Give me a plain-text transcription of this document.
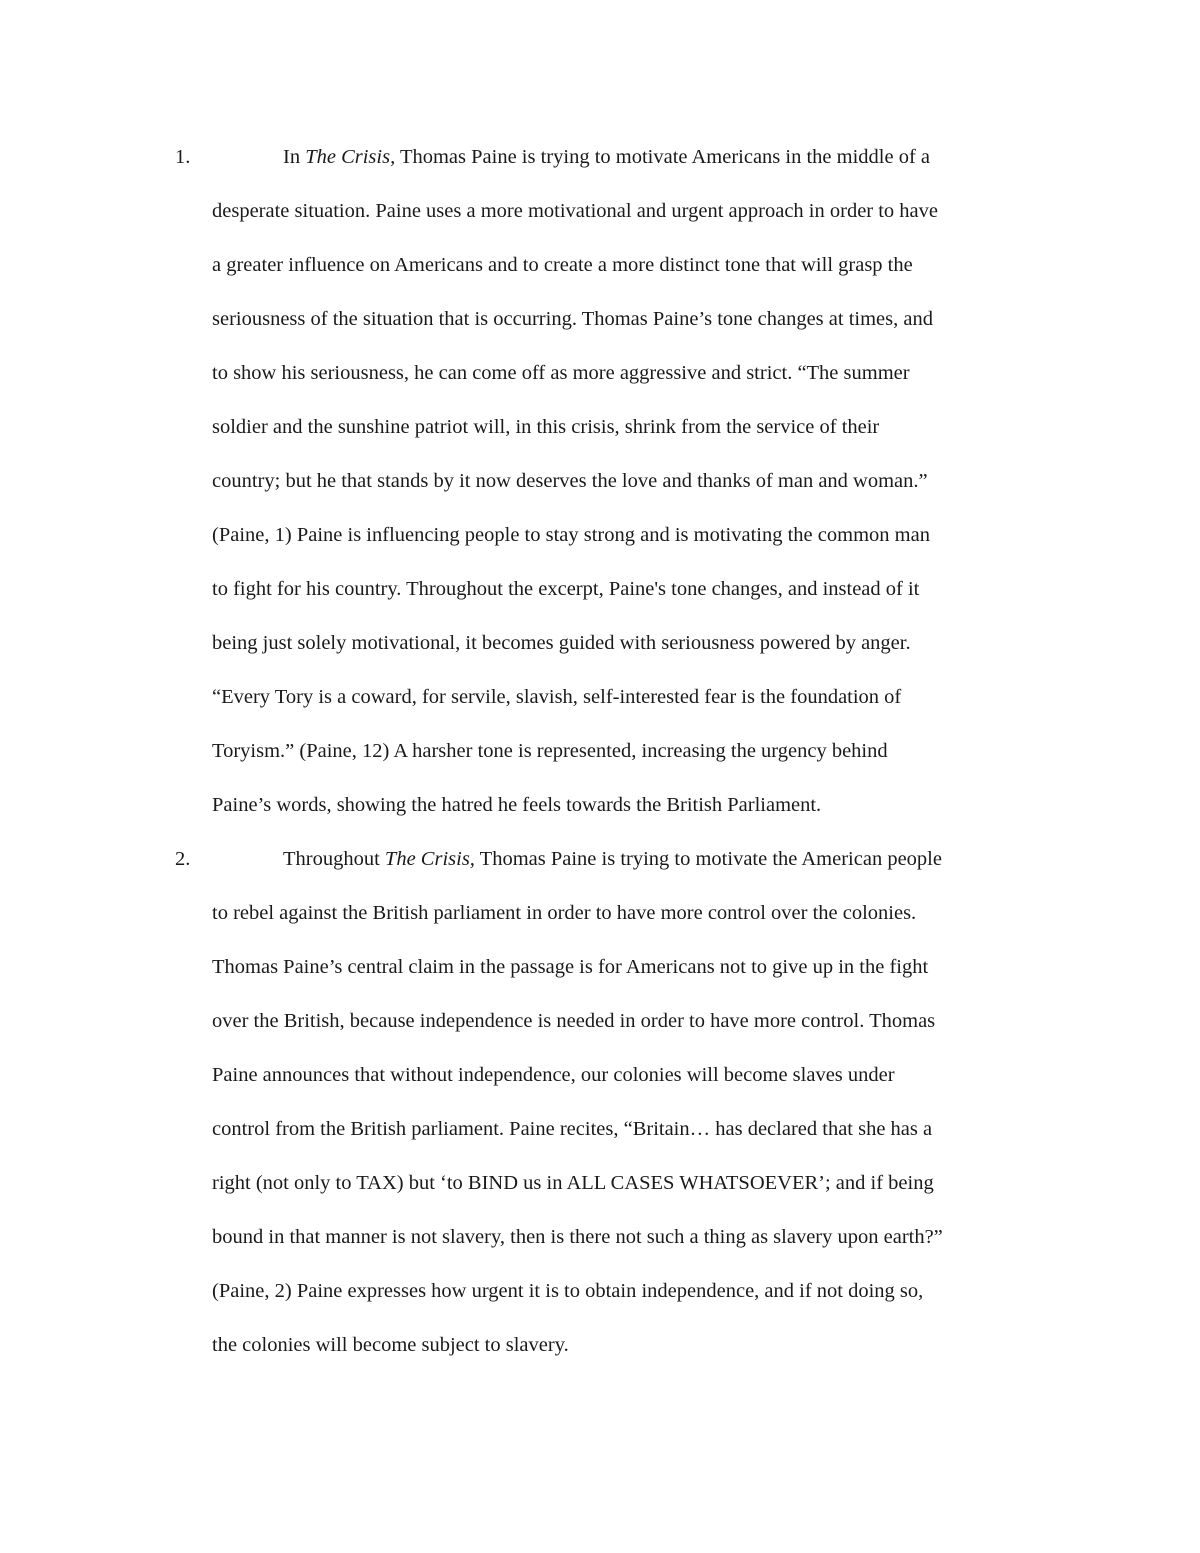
1.	In The Crisis, Thomas Paine is trying to motivate Americans in the middle of a
desperate situation. Paine uses a more motivational and urgent approach in order to have
a greater influence on Americans and to create a more distinct tone that will grasp the
seriousness of the situation that is occurring. Thomas Paine’s tone changes at times, and
to show his seriousness, he can come off as more aggressive and strict. “The summer
soldier and the sunshine patriot will, in this crisis, shrink from the service of their
country; but he that stands by it now deserves the love and thanks of man and woman.”
(Paine, 1) Paine is influencing people to stay strong and is motivating the common man
to fight for his country. Throughout the excerpt, Paine's tone changes, and instead of it
being just solely motivational, it becomes guided with seriousness powered by anger.
“Every Tory is a coward, for servile, slavish, self-interested fear is the foundation of
Toryism.” (Paine, 12) A harsher tone is represented, increasing the urgency behind
Paine’s words, showing the hatred he feels towards the British Parliament.
2.	Throughout The Crisis, Thomas Paine is trying to motivate the American people
to rebel against the British parliament in order to have more control over the colonies.
Thomas Paine’s central claim in the passage is for Americans not to give up in the fight
over the British, because independence is needed in order to have more control. Thomas
Paine announces that without independence, our colonies will become slaves under
control from the British parliament. Paine recites, “Britain… has declared that she has a
right (not only to TAX) but ‘to BIND us in ALL CASES WHATSOEVER’; and if being
bound in that manner is not slavery, then is there not such a thing as slavery upon earth?”
(Paine, 2) Paine expresses how urgent it is to obtain independence, and if not doing so,
the colonies will become subject to slavery.
